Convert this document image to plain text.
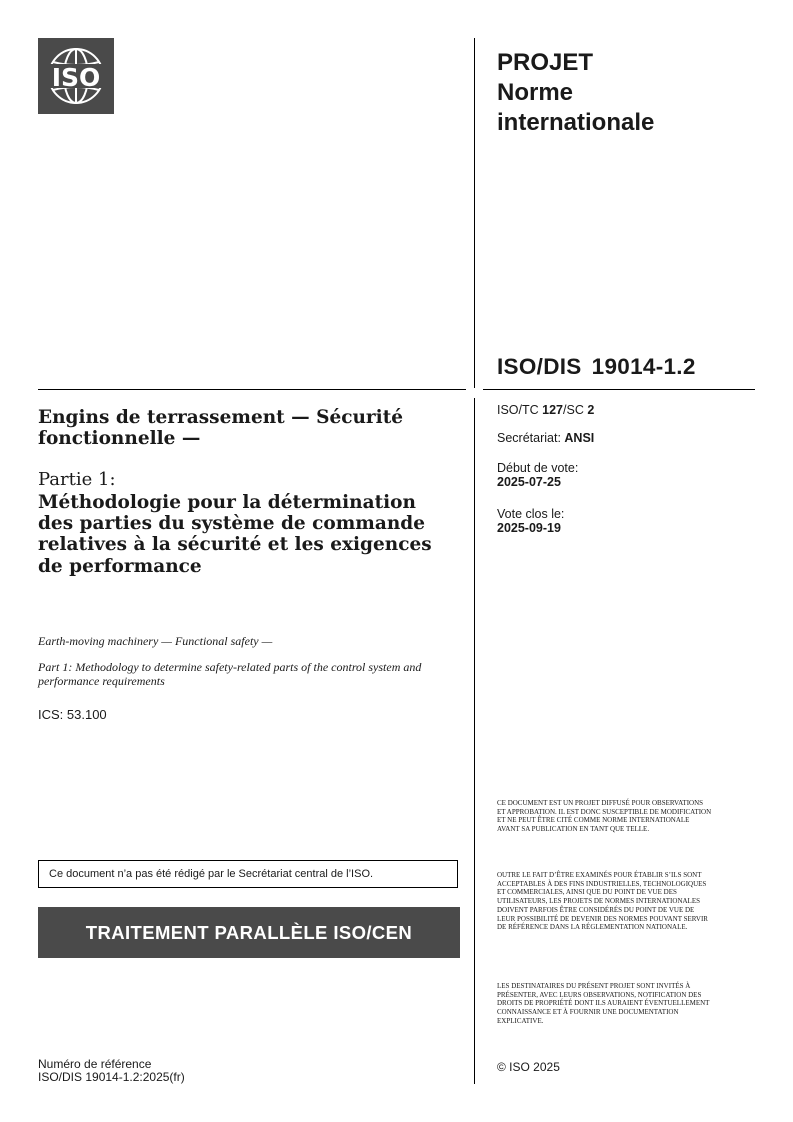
ISO
PROJET
Norme
internationale
ISO/DIS 19014-1.2
ISO/TC 127/SC 2
Secrétariat: ANSI
Début de vote:
2025-07-25
Vote clos le:
2025-09-19
Engins de terrassement — Sécurité fonctionnelle —
Partie 1:
Méthodologie pour la détermination des parties du système de commande relatives à la sécurité et les exigences de performance
Earth-moving machinery — Functional safety —
Part 1: Methodology to determine safety-related parts of the control system and performance requirements
ICS: 53.100
Ce document n’a pas été rédigé par le Secrétariat central de l’ISO.
TRAITEMENT PARALLÈLE ISO/CEN
Numéro de référence
ISO/DIS 19014-1.2:2025(fr)
CE DOCUMENT EST UN PROJET DIFFUSÉ POUR OBSERVATIONS ET APPROBATION. IL EST DONC SUSCEPTIBLE DE MODIFICATION ET NE PEUT ÊTRE CITÉ COMME NORME INTERNATIONALE AVANT SA PUBLICATION EN TANT QUE TELLE.
OUTRE LE FAIT D’ÊTRE EXAMINÉS POUR ÉTABLIR S’ILS SONT ACCEPTABLES À DES FINS INDUSTRIELLES, TECHNOLOGIQUES ET COMMERCIALES, AINSI QUE DU POINT DE VUE DES UTILISATEURS, LES PROJETS DE NORMES INTERNATIONALES DOIVENT PARFOIS ÊTRE CONSIDÉRÉS DU POINT DE VUE DE LEUR POSSIBILITÉ DE DEVENIR DES NORMES POUVANT SERVIR DE RÉFÉRENCE DANS LA RÉGLEMENTATION NATIONALE.
LES DESTINATAIRES DU PRÉSENT PROJET SONT INVITÉS À PRÉSENTER, AVEC LEURS OBSERVATIONS, NOTIFICATION DES DROITS DE PROPRIÉTÉ DONT ILS AURAIENT ÉVENTUELLEMENT CONNAISSANCE ET À FOURNIR UNE DOCUMENTATION EXPLICATIVE.
© ISO 2025
